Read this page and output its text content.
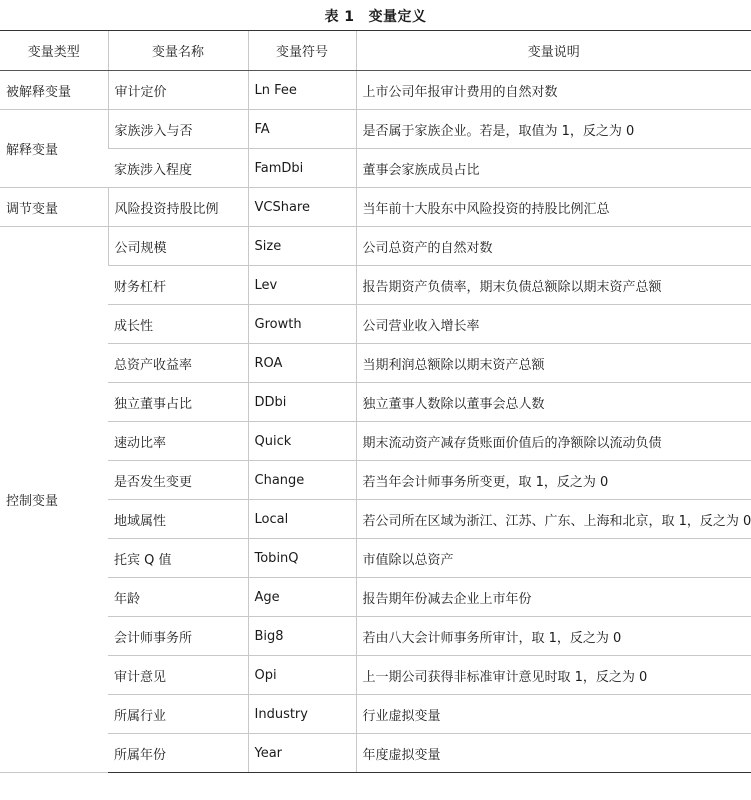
表 1 变量定义
变量类型	变量名称	变量符号	变量说明
被解释变量	审计定价	Ln Fee	上市公司年报审计费用的自然对数
解释变量	家族涉入与否	FA	是否属于家族企业。若是，取值为 1，反之为 0
	家族涉入程度	FamDbi	董事会家族成员占比
调节变量	风险投资持股比例	VCShare	当年前十大股东中风险投资的持股比例汇总
控制变量	公司规模	Size	公司总资产的自然对数
	财务杠杆	Lev	报告期资产负债率，期末负债总额除以期末资产总额
	成长性	Growth	公司营业收入增长率
	总资产收益率	ROA	当期利润总额除以期末资产总额
	独立董事占比	DDbi	独立董事人数除以董事会总人数
	速动比率	Quick	期末流动资产减存货账面价值后的净额除以流动负债
	是否发生变更	Change	若当年会计师事务所变更，取 1，反之为 0
	地域属性	Local	若公司所在区域为浙江、江苏、广东、上海和北京，取 1，反之为 0
	托宾 Q 值	TobinQ	市值除以总资产
	年龄	Age	报告期年份减去企业上市年份
	会计师事务所	Big8	若由八大会计师事务所审计，取 1，反之为 0
	审计意见	Opi	上一期公司获得非标准审计意见时取 1，反之为 0
	所属行业	Industry	行业虚拟变量
	所属年份	Year	年度虚拟变量
